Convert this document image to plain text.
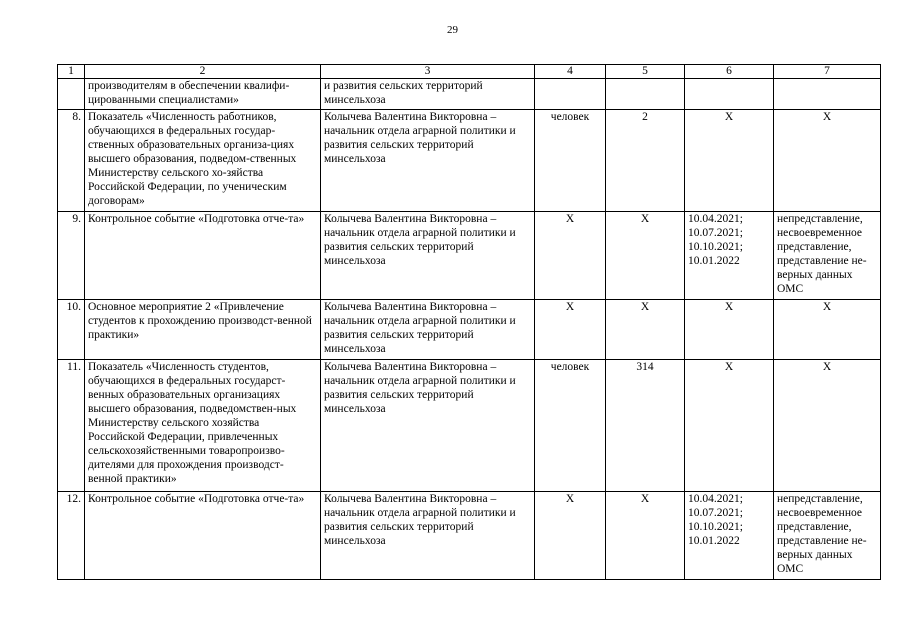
29
1	2	3	4	5	6	7
	производителям в обеспечении квалифи-цированными специалистами»	и развития сельских территорий минсельхоза				
8.	Показатель «Численность работников, обучающихся в федеральных государ-ственных образовательных организа-циях высшего образования, подведом-ственных Министерству сельского хо-зяйства Российской Федерации, по ученическим договорам»	Колычева Валентина Викторовна – начальник отдела аграрной политики и развития сельских территорий минсельхоза	человек	2	X	X
9.	Контрольное событие «Подготовка отче-та»	Колычева Валентина Викторовна – начальник отдела аграрной политики и развития сельских территорий минсельхоза	X	X	10.04.2021; 10.07.2021; 10.10.2021; 10.01.2022	непредставление, несвоевременное представление, представление не-верных данных ОМС
10.	Основное мероприятие 2 «Привлечение студентов к прохождению производст-венной практики»	Колычева Валентина Викторовна – начальник отдела аграрной политики и развития сельских территорий минсельхоза	X	X	X	X
11.	Показатель «Численность студентов, обучающихся в федеральных государст-венных образовательных организациях высшего образования, подведомствен-ных Министерству сельского хозяйства Российской Федерации, привлеченных сельскохозяйственными товаропроизво-дителями для прохождения производст-венной практики»	Колычева Валентина Викторовна – начальник отдела аграрной политики и развития сельских территорий минсельхоза	человек	314	X	X
12.	Контрольное событие «Подготовка отче-та»	Колычева Валентина Викторовна – начальник отдела аграрной политики и развития сельских территорий минсельхоза	X	X	10.04.2021; 10.07.2021; 10.10.2021; 10.01.2022	непредставление, несвоевременное представление, представление не-верных данных ОМС
